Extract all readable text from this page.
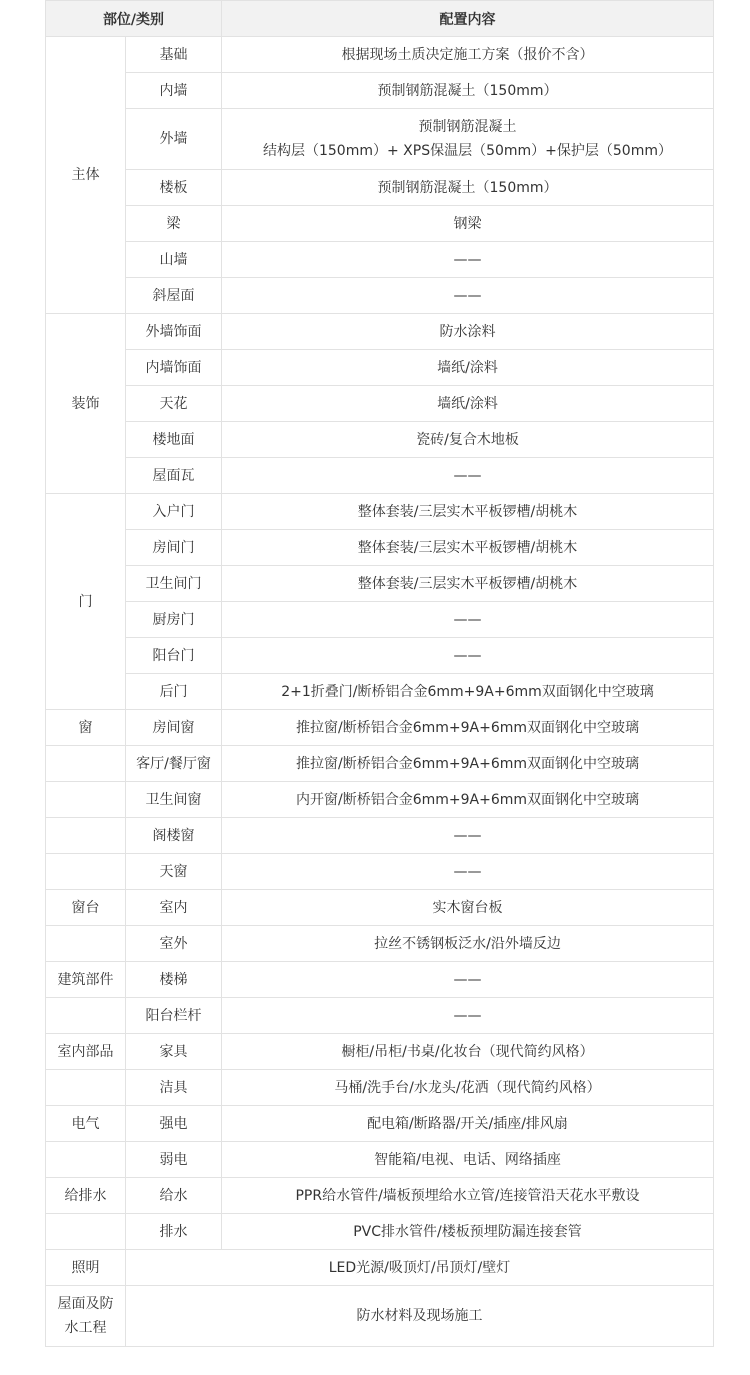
部位/类别		配置内容
主体	基础	根据现场土质决定施工方案（报价不含）
	内墙	预制钢筋混凝土（150mm）
	外墙	预制钢筋混凝土
结构层（150mm）+ XPS保温层（50mm）+保护层（50mm）

	楼板	预制钢筋混凝土（150mm）
	梁	钢梁
	山墙	——
	斜屋面	——
装饰	外墙饰面	防水涂料
	内墙饰面	墙纸/涂料
	天花	墙纸/涂料
	楼地面	瓷砖/复合木地板
	屋面瓦	——
门	入户门	整体套装/三层实木平板锣槽/胡桃木
	房间门	整体套装/三层实木平板锣槽/胡桃木
	卫生间门	整体套装/三层实木平板锣槽/胡桃木
	厨房门	——
	阳台门	——
	后门	2+1折叠门/断桥铝合金6mm+9A+6mm双面钢化中空玻璃
窗	房间窗	推拉窗/断桥铝合金6mm+9A+6mm双面钢化中空玻璃
	客厅/餐厅窗	推拉窗/断桥铝合金6mm+9A+6mm双面钢化中空玻璃
	卫生间窗	内开窗/断桥铝合金6mm+9A+6mm双面钢化中空玻璃
	阁楼窗	——
	天窗	——
窗台	室内	实木窗台板
	室外	拉丝不锈钢板泛水/沿外墙反边
建筑部件	楼梯	——
	阳台栏杆	——
室内部品	家具	橱柜/吊柜/书桌/化妆台（现代简约风格）
	洁具	马桶/洗手台/水龙头/花洒（现代简约风格）
电气	强电	配电箱/断路器/开关/插座/排风扇
	弱电	智能箱/电视、电话、网络插座
给排水	给水	PPR给水管件/墙板预埋给水立管/连接管沿天花水平敷设
	排水	PVC排水管件/楼板预埋防漏连接套管
照明	LED光源/吸顶灯/吊顶灯/壁灯	

屋面及防
水工程	防水材料及现场施工	
